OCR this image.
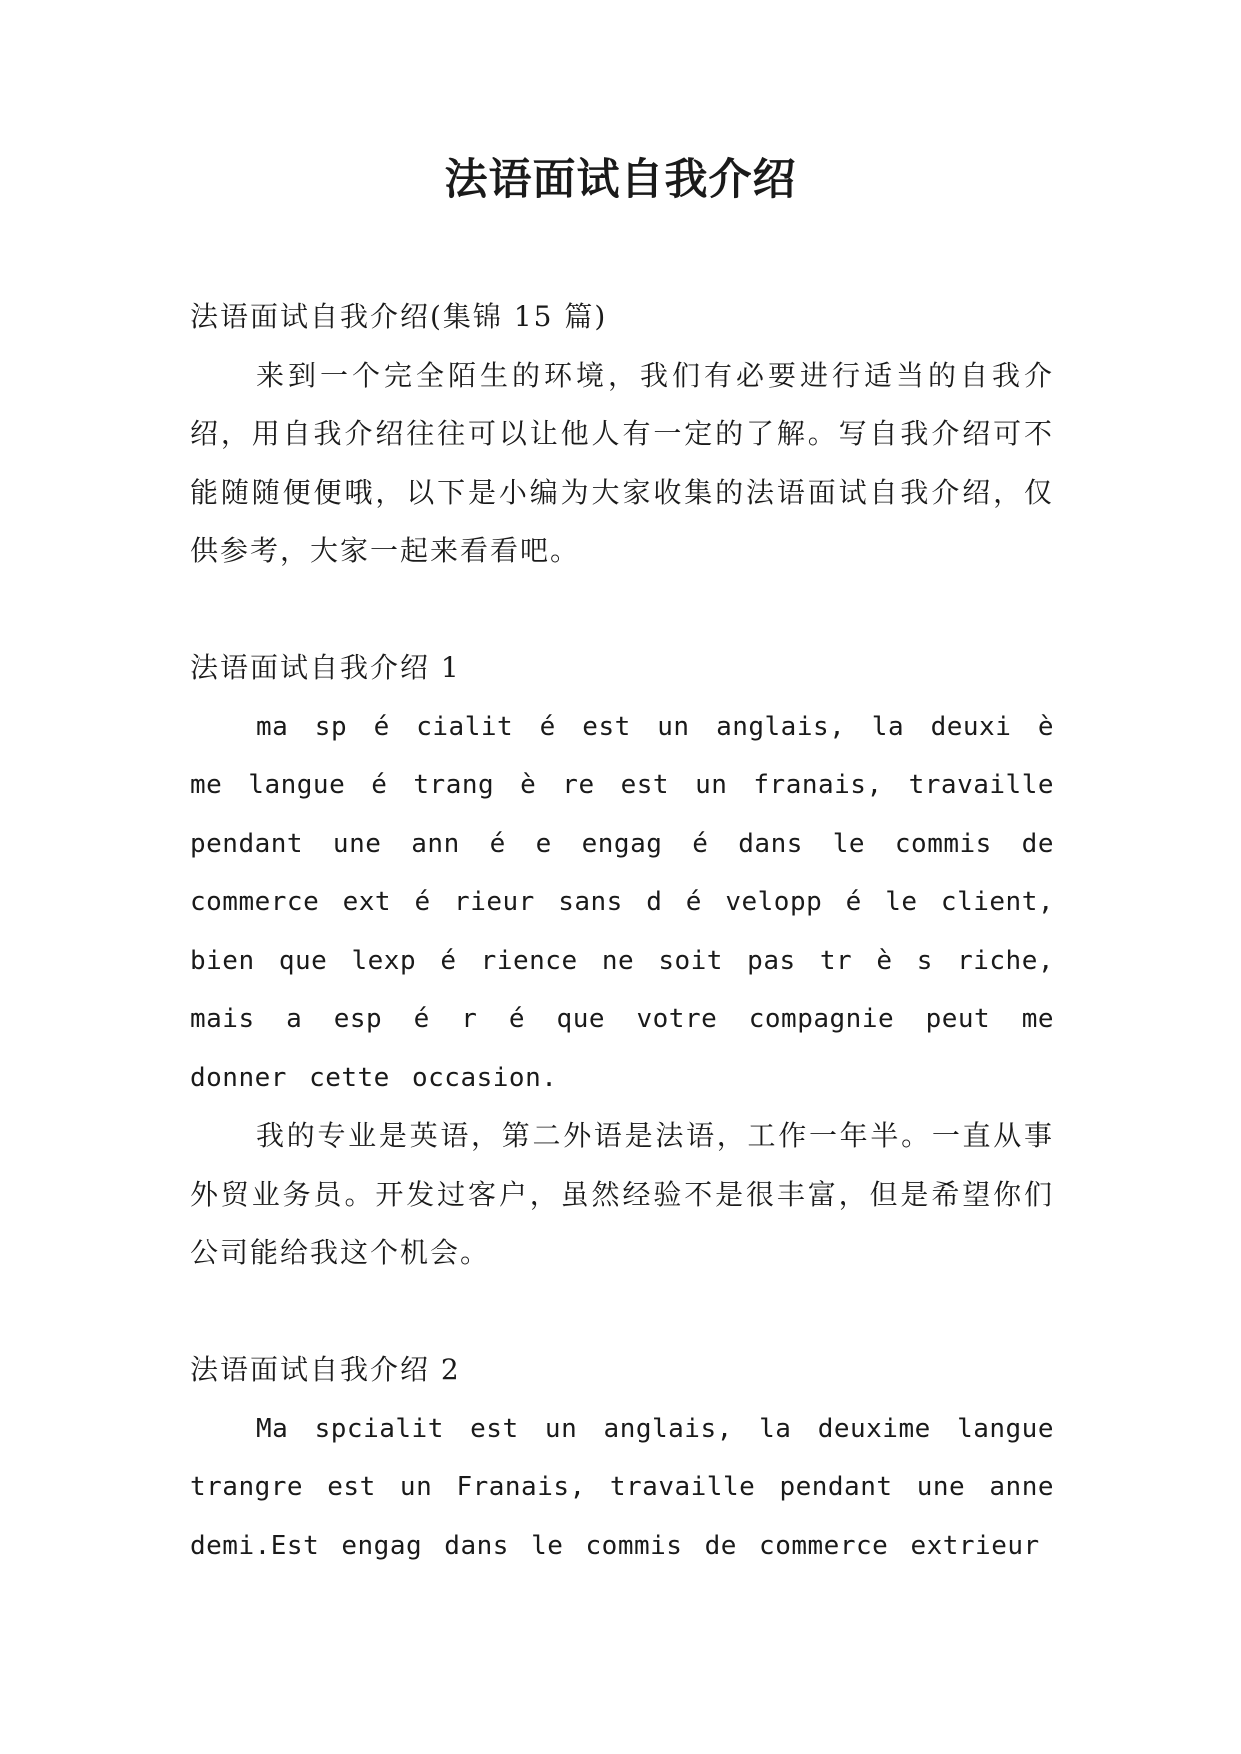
法语面试自我介绍

法语面试自我介绍(集锦 15 篇)

来到一个完全陌生的环境，我们有必要进行适当的自我介绍，用自我介绍往往可以让他人有一定的了解。写自我介绍可不能随随便便哦，以下是小编为大家收集的法语面试自我介绍，仅供参考，大家一起来看看吧。

法语面试自我介绍 1

ma sp é cialit é est un anglais, la deuxi è me langue é trang è re est un franais, travaille pendant une ann é e engag é dans le commis de commerce ext é rieur sans d é velopp é le client, bien que lexp é rience ne soit pas tr è s riche, mais a esp é r é que votre compagnie peut me donner cette occasion.

我的专业是英语，第二外语是法语，工作一年半。一直从事外贸业务员。开发过客户，虽然经验不是很丰富，但是希望你们公司能给我这个机会。

法语面试自我介绍 2

Ma spcialit est un anglais, la deuxime langue trangre est un Franais, travaille pendant une anne demi.Est engag dans le commis de commerce extrieur
